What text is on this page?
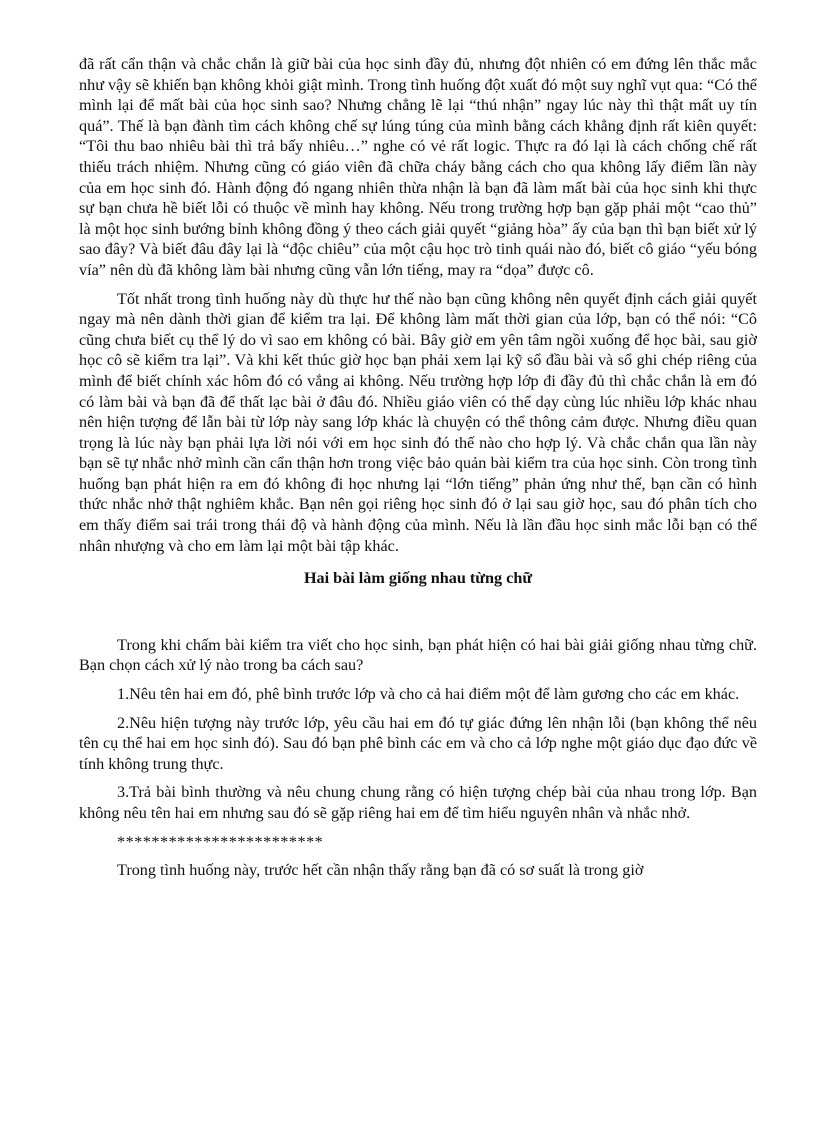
đã rất cẩn thận và chắc chắn là giữ bài của học sinh đầy đủ, nhưng đột nhiên có em đứng lên thắc mắc như vậy sẽ khiến bạn không khỏi giật mình. Trong tình huống đột xuất đó một suy nghĩ vụt qua: “Có thể mình lại để mất bài của học sinh sao? Nhưng chẳng lẽ lại “thú nhận” ngay lúc này thì thật mất uy tín quá”. Thế là bạn đành tìm cách không chế sự lúng túng của mình bằng cách khẳng định rất kiên quyết: “Tôi thu bao nhiêu bài thì trả bấy nhiêu…” nghe có vẻ rất logic. Thực ra đó lại là cách chống chế rất thiếu trách nhiệm. Nhưng cũng có giáo viên đã chữa cháy bằng cách cho qua không lấy điểm lần này của em học sinh đó. Hành động đó ngang nhiên thừa nhận là bạn đã làm mất bài của học sinh khi thực sự bạn chưa hề biết lỗi có thuộc về mình hay không. Nếu trong trường hợp bạn gặp phải một “cao thủ” là một học sinh bướng bỉnh không đồng ý theo cách giải quyết “giảng hòa” ấy của bạn thì bạn biết xử lý sao đây? Và biết đâu đây lại là “độc chiêu” của một cậu học trò tinh quái nào đó, biết cô giáo “yếu bóng vía” nên dù đã không làm bài nhưng cũng vẫn lớn tiếng, may ra “dọa” được cô.

Tốt nhất trong tình huống này dù thực hư thế nào bạn cũng không nên quyết định cách giải quyết ngay mà nên dành thời gian để kiểm tra lại. Để không làm mất thời gian của lớp, bạn có thể nói: “Cô cũng chưa biết cụ thể lý do vì sao em không có bài. Bây giờ em yên tâm ngồi xuống để học bài, sau giờ học cô sẽ kiểm tra lại”. Và khi kết thúc giờ học bạn phải xem lại kỹ sổ đầu bài và sổ ghi chép riêng của mình để biết chính xác hôm đó có vắng ai không. Nếu trường hợp lớp đi đầy đủ thì chắc chắn là em đó có làm bài và bạn đã để thất lạc bài ở đâu đó. Nhiều giáo viên có thể dạy cùng lúc nhiều lớp khác nhau nên hiện tượng để lẫn bài từ lớp này sang lớp khác là chuyện có thể thông cảm được. Nhưng điều quan trọng là lúc này bạn phải lựa lời nói với em học sinh đó thế nào cho hợp lý. Và chắc chắn qua lần này bạn sẽ tự nhắc nhở mình cần cẩn thận hơn trong việc bảo quản bài kiểm tra của học sinh. Còn trong tình huống bạn phát hiện ra em đó không đi học nhưng lại “lớn tiếng” phản ứng như thế, bạn cần có hình thức nhắc nhở thật nghiêm khắc. Bạn nên gọi riêng học sinh đó ở lại sau giờ học, sau đó phân tích cho em thấy điểm sai trái trong thái độ và hành động của mình. Nếu là lần đầu học sinh mắc lỗi bạn có thể nhân nhượng và cho em làm lại một bài tập khác.

Hai bài làm giống nhau từng chữ

Trong khi chấm bài kiểm tra viết cho học sinh, bạn phát hiện có hai bài giải giống nhau từng chữ. Bạn chọn cách xử lý nào trong ba cách sau?

1.Nêu tên hai em đó, phê bình trước lớp và cho cả hai điểm một để làm gương cho các em khác.

2.Nêu hiện tượng này trước lớp, yêu cầu hai em đó tự giác đứng lên nhận lỗi (bạn không thể nêu tên cụ thể hai em học sinh đó). Sau đó bạn phê bình các em và cho cả lớp nghe một giáo dục đạo đức về tính không trung thực.

3.Trả bài bình thường và nêu chung chung rằng có hiện tượng chép bài của nhau trong lớp. Bạn không nêu tên hai em nhưng sau đó sẽ gặp riêng hai em để tìm hiểu nguyên nhân và nhắc nhở.

************************

Trong tình huống này, trước hết cần nhận thấy rằng bạn đã có sơ suất là trong giờ
